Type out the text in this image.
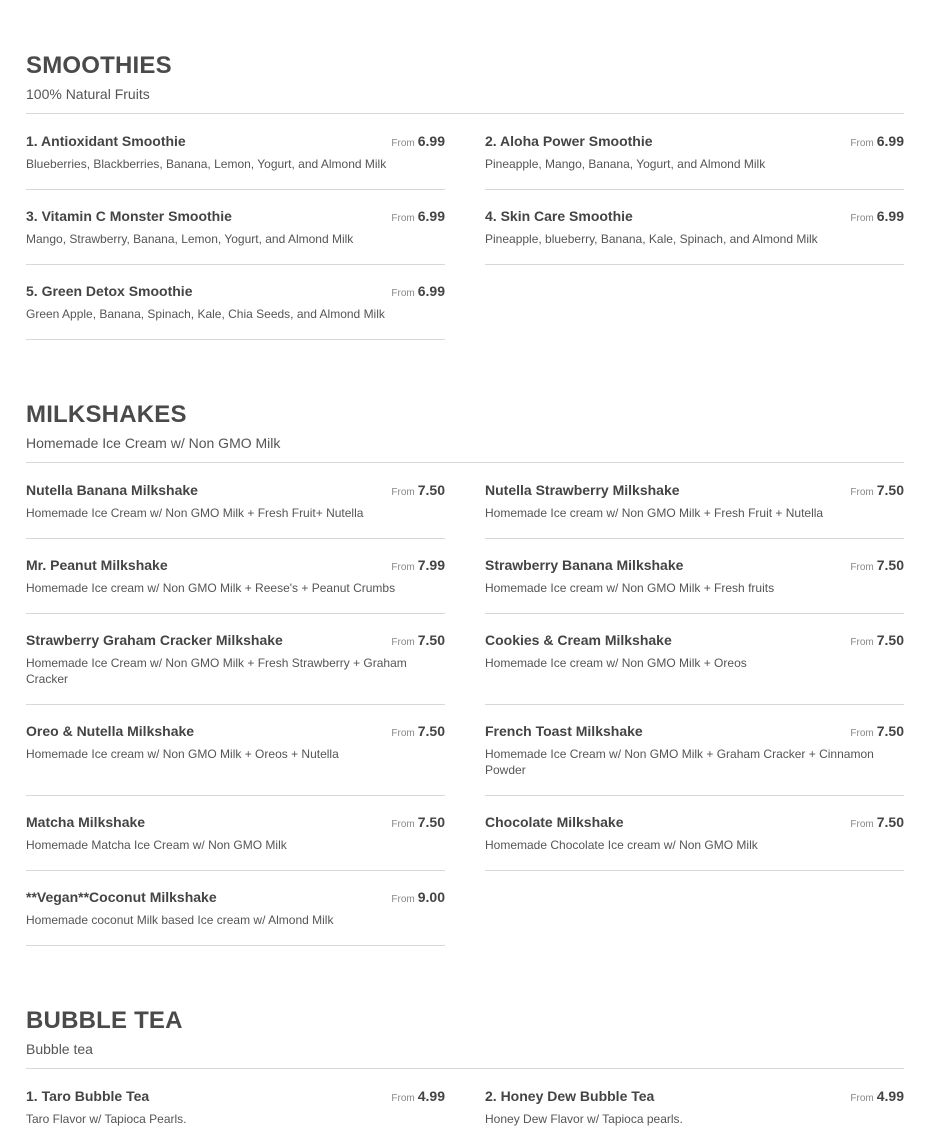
SMOOTHIES
100% Natural Fruits
1. Antioxidant Smoothie	From 6.99
Blueberries, Blackberries, Banana, Lemon, Yogurt, and Almond Milk
2. Aloha Power Smoothie	From 6.99
Pineapple, Mango, Banana, Yogurt, and Almond Milk
3. Vitamin C Monster Smoothie	From 6.99
Mango, Strawberry, Banana, Lemon, Yogurt, and Almond Milk
4. Skin Care Smoothie	From 6.99
Pineapple, blueberry, Banana, Kale, Spinach, and Almond Milk
5. Green Detox Smoothie	From 6.99
Green Apple, Banana, Spinach, Kale, Chia Seeds, and Almond Milk
MILKSHAKES
Homemade Ice Cream w/ Non GMO Milk
Nutella Banana Milkshake	From 7.50
Homemade Ice Cream w/ Non GMO Milk + Fresh Fruit+ Nutella
Nutella Strawberry Milkshake	From 7.50
Homemade Ice cream w/ Non GMO Milk + Fresh Fruit + Nutella
Mr. Peanut Milkshake	From 7.99
Homemade Ice cream w/ Non GMO Milk + Reese's + Peanut Crumbs
Strawberry Banana Milkshake	From 7.50
Homemade Ice cream w/ Non GMO Milk + Fresh fruits
Strawberry Graham Cracker Milkshake	From 7.50
Homemade Ice Cream w/ Non GMO Milk + Fresh Strawberry + Graham Cracker
Cookies & Cream Milkshake	From 7.50
Homemade Ice cream w/ Non GMO Milk + Oreos
Oreo & Nutella Milkshake	From 7.50
Homemade Ice cream w/ Non GMO Milk + Oreos + Nutella
French Toast Milkshake	From 7.50
Homemade Ice Cream w/ Non GMO Milk + Graham Cracker + Cinnamon Powder
Matcha Milkshake	From 7.50
Homemade Matcha Ice Cream w/ Non GMO Milk
Chocolate Milkshake	From 7.50
Homemade Chocolate Ice cream w/ Non GMO Milk
**Vegan**Coconut Milkshake	From 9.00
Homemade coconut Milk based Ice cream w/ Almond Milk
BUBBLE TEA
Bubble tea
1. Taro Bubble Tea	From 4.99
Taro Flavor w/ Tapioca Pearls.
2. Honey Dew Bubble Tea	From 4.99
Honey Dew Flavor w/ Tapioca pearls.
